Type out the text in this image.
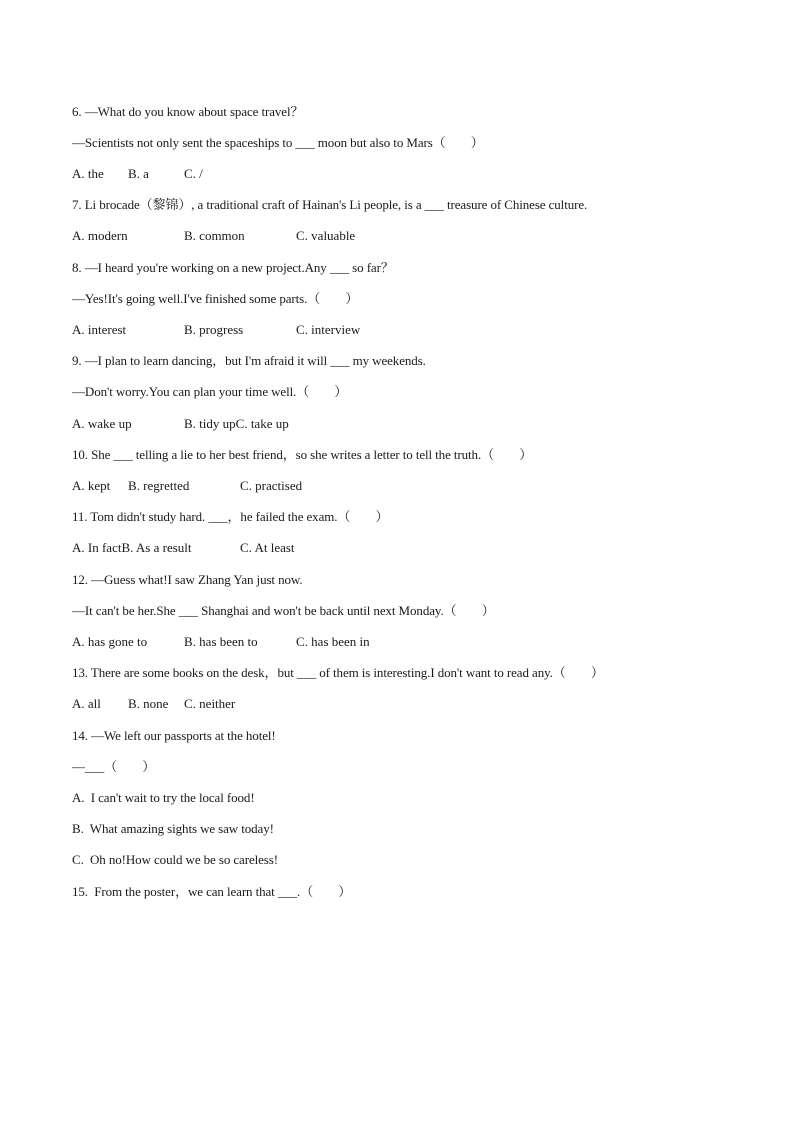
6. —What do you know about space travel？
—Scientists not only sent the spaceships to ___ moon but also to Mars（        ）

A. the

B. a

	C. /

7. Li brocade（黎锦）, a traditional craft of Hainan's Li people, is a ___ treasure of Chinese culture.

A. modern

	B. common

	C. valuable

8. —I heard you're working on a new project.Any ___ so far？
—Yes!It's going well.I've finished some parts.（        ）

A. interest

	B. progress

	C. interview

9. —I plan to learn dancing，but I'm afraid it will ___ my weekends.
—Don't worry.You can plan your time well.（        ）

A. wake up

	B. tidy upC. take up

10. She ___ telling a lie to her best friend，so she writes a letter to tell the truth.（        ）

A. kept

B. regretted

	C. practised

11. Tom didn't study hard. ___，he failed the exam.（        ）

A. In factB. As a result

	C. At least

12. —Guess what!I saw Zhang Yan just now.
—It can't be her.She ___ Shanghai and won't be back until next Monday.（        ）

A. has gone to

	B. has been to

	C. has been in

13. There are some books on the desk，but ___ of them is interesting.I don't want to read any.（        ）

A. all

B. none

C. neither

14. —We left our passports at the hotel!
—___（        ）
A.  I can't wait to try the local food!
B.  What amazing sights we saw today!
C.  Oh no!How could we be so careless!
15.  From the poster，we can learn that ___.（        ）
